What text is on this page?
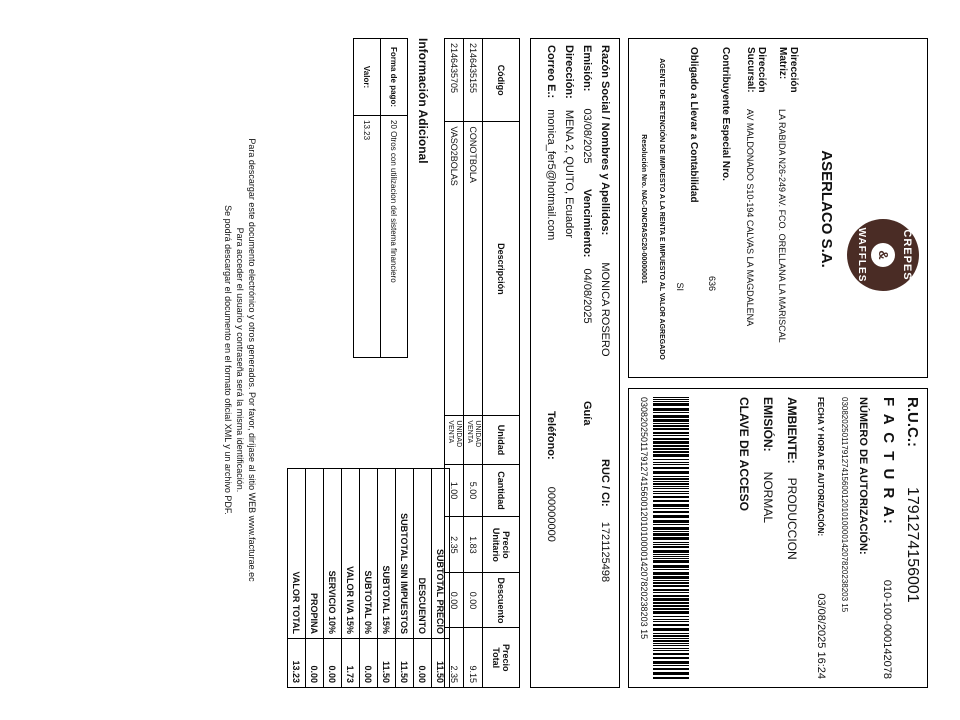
CREPES
&
WAFFLES
ASERLACO S.A.
Dirección Matriz:
LA RABIDA N26-249 AV. FCO. ORELLANA LA MARISCAL
Dirección Sucursal:
AV MALDONADO S10-194 CALVAS LA MAGDALENA
Contribuyente Especial Nro.
636
Obligado a Llevar a Contabilidad
SI
AGENTE DE RETENCIÓN DE IMPUESTO A LA RENTA E IMPUESTO AL VALOR AGREGADO
Resolución Nro. NAC-DNCRASC20-00000001
R.U.C.:
1791274156001
F A C T U R A:
010-100-000142078
NÚMERO DE AUTORIZACIÓN:
0308202501179127415600120101000014207820238203 15
FECHA Y HORA DE AUTORIZACIÓN:
03/08/2025 16:24
AMBIENTE:
PRODUCCION
EMISIÓN:
NORMAL
CLAVE DE ACCESO
0308202501179127415600120101000014207820238203 15
Razón Social / Nombres y Apellidos: MONICA ROSERO
RUC / CI: 1721125498
Emisión: 03/08/2025
Vencimiento: 04/08/2025
Guía
Dirección: MENA 2, QUITO, Ecuador
Correo E.: monica_fer5@hotmail.com
Teléfono: 000000000
Código	Descripción	Unidad	Cantidad	Precio Unitario	Descuento	Precio Total
2146435155	CONOTBOLA	UNIDAD VENTA	5.00	1.83	0.00	9.15
2146435705	VASO2BOLAS	UNIDAD VENTA	1.00	2.35	0.00	2.35
SUBTOTAL PRECIO	11.50
DESCUENTO	0.00
SUBTOTAL SIN IMPUESTOS	11.50
SUBTOTAL 15%	11.50
SUBTOTAL 0%	0.00
VALOR IVA 15%	1.73
SERVICIO 10%	0.00
PROPINA	0.00
VALOR TOTAL	13.23
Información Adicional
Forma de pago:	20 Otros con utilizacion del sistema financiero
Valor:	13.23
Para descargar este documento electrónico y otros generados. Por favor, diríjase al sitio WEB www.facturae.ec
Para acceder el usuario y contraseña será la misma identificación.
Se podrá descargar el documento en el formato oficial XML y un archivo PDF.
